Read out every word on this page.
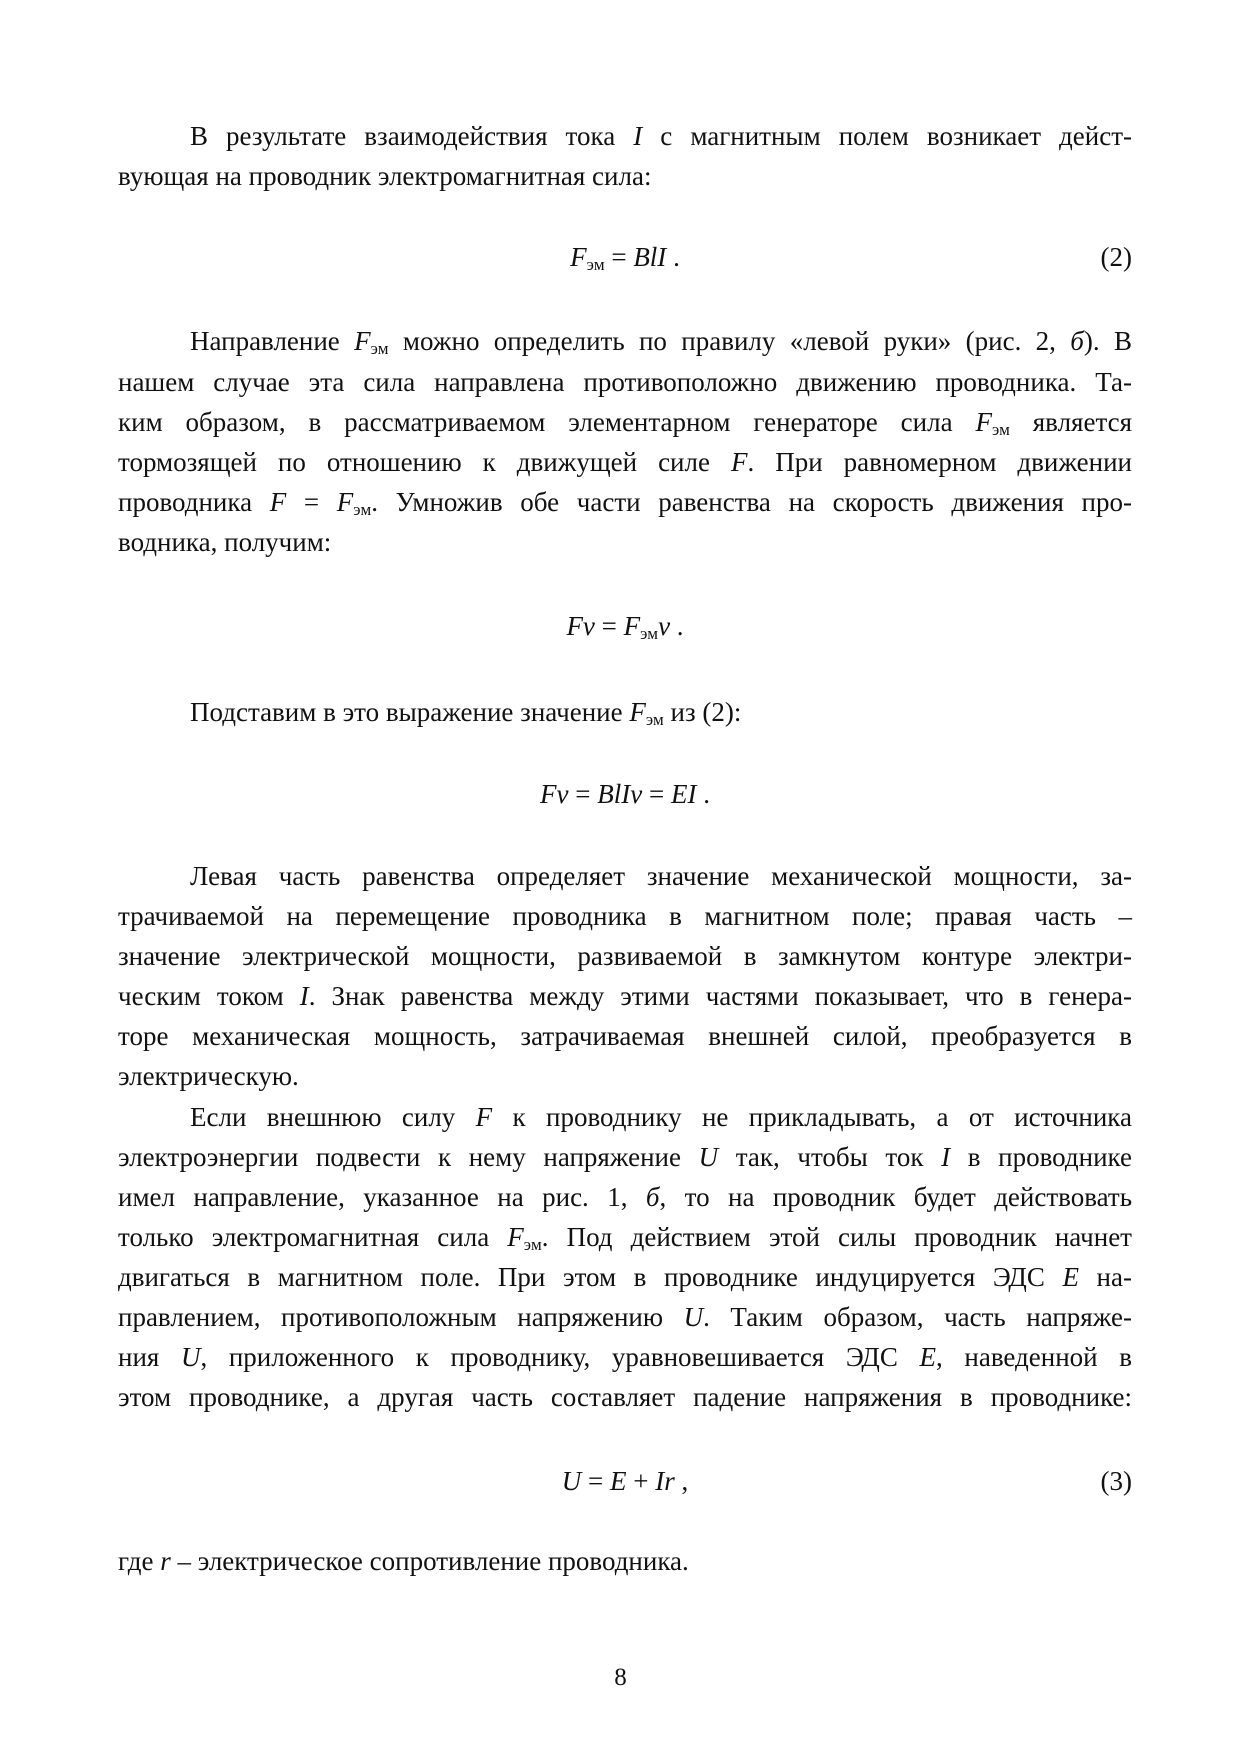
В результате взаимодействия тока I с магнитным полем возникает дейст-
вующая на проводник электромагнитная сила:
Направление $F_{эм}$ можно определить по правилу «левой руки» (рис. 2, б). В
нашем случае эта сила направлена противоположно движению проводника. Та-
ким образом, в рассматриваемом элементарном генераторе сила $F_{эм}$ является
тормозящей по отношению к движущей силе F. При равномерном движении
проводника $F = F_{эм}$. Умножив обе части равенства на скорость движения про-
водника, получим:
Подставим в это выражение значение $F_{эм}$ из (2):
Левая часть равенства определяет значение механической мощности, за-
трачиваемой на перемещение проводника в магнитном поле; правая часть –
значение электрической мощности, развиваемой в замкнутом контуре электри-
ческим током I. Знак равенства между этими частями показывает, что в генера-
торе механическая мощность, затрачиваемая внешней силой, преобразуется в
электрическую.
Если внешнюю силу F к проводнику не прикладывать, а от источника
электроэнергии подвести к нему напряжение U так, чтобы ток I в проводнике
имел направление, указанное на рис. 1, б, то на проводник будет действовать
только электромагнитная сила $F_{эм}$. Под действием этой силы проводник начнет
двигаться в магнитном поле. При этом в проводнике индуцируется ЭДС E на-
правлением, противоположным напряжению U. Таким образом, часть напряже-
ния U, приложенного к проводнику, уравновешивается ЭДС E, наведенной в
этом проводнике, а другая часть составляет падение напряжения в проводнике:
где r – электрическое сопротивление проводника.
$F_{эм}$ = BlI .	(2)
$Fv = F_{эм}v$ .
Fv = BlIv = EI .
U = E + Ir ,	(3)
8
